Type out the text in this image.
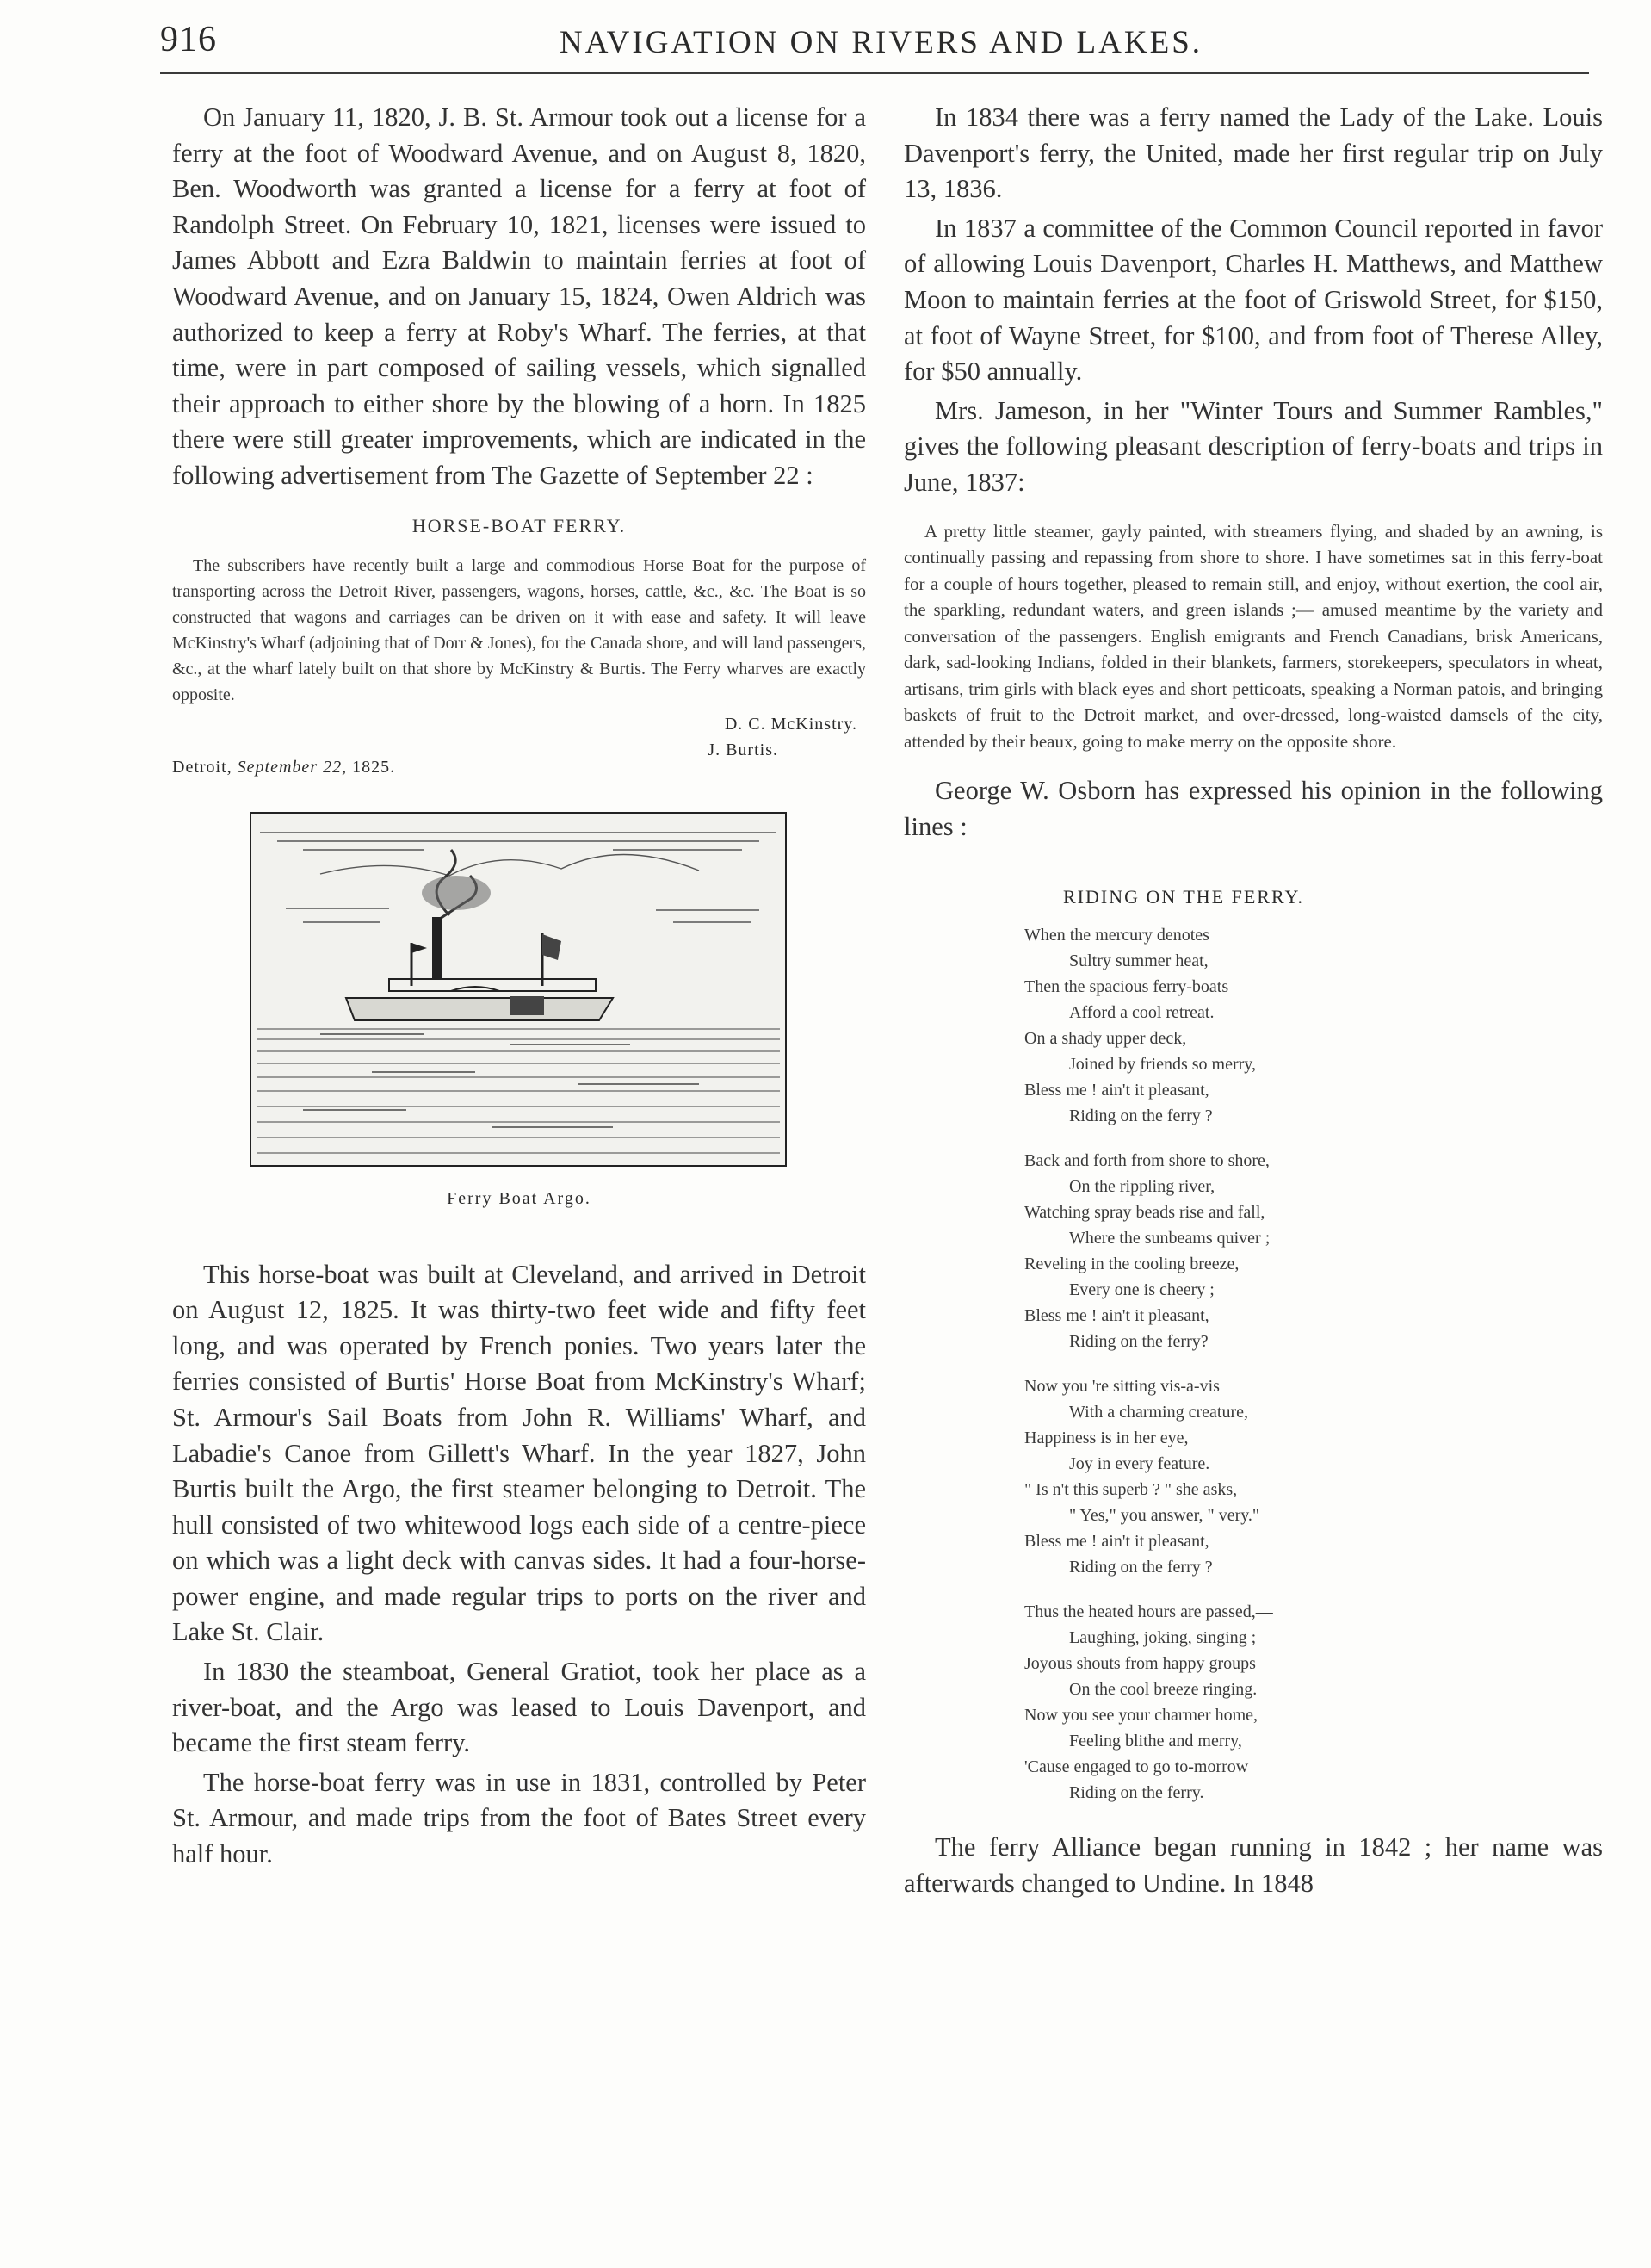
916	NAVIGATION ON RIVERS AND LAKES.

On January 11, 1820, J. B. St. Armour took out a license for a ferry at the foot of Woodward Avenue, and on August 8, 1820, Ben. Woodworth was granted a license for a ferry at foot of Randolph Street. On February 10, 1821, licenses were issued to James Abbott and Ezra Baldwin to maintain ferries at foot of Woodward Avenue, and on January 15, 1824, Owen Aldrich was authorized to keep a ferry at Roby's Wharf. The ferries, at that time, were in part composed of sailing vessels, which signalled their approach to either shore by the blowing of a horn. In 1825 there were still greater improvements, which are indicated in the following advertisement from The Gazette of September 22 :

HORSE-BOAT FERRY.

The subscribers have recently built a large and commodious Horse Boat for the purpose of transporting across the Detroit River, passengers, wagons, horses, cattle, &c., &c. The Boat is so constructed that wagons and carriages can be driven on it with ease and safety. It will leave McKinstry's Wharf (adjoining that of Dorr & Jones), for the Canada shore, and will land passengers, &c., at the wharf lately built on that shore by McKinstry & Burtis. The Ferry wharves are exactly opposite.

D. C. McKinstry.
J. Burtis.
Detroit, September 22, 1825.
Ferry Boat Argo.

This horse-boat was built at Cleveland, and arrived in Detroit on August 12, 1825. It was thirty-two feet wide and fifty feet long, and was operated by French ponies. Two years later the ferries consisted of Burtis' Horse Boat from McKinstry's Wharf; St. Armour's Sail Boats from John R. Williams' Wharf, and Labadie's Canoe from Gillett's Wharf. In the year 1827, John Burtis built the Argo, the first steamer belonging to Detroit. The hull consisted of two whitewood logs each side of a centre-piece on which was a light deck with canvas sides. It had a four-horse-power engine, and made regular trips to ports on the river and Lake St. Clair.

In 1830 the steamboat, General Gratiot, took her place as a river-boat, and the Argo was leased to Louis Davenport, and became the first steam ferry.

The horse-boat ferry was in use in 1831, controlled by Peter St. Armour, and made trips from the foot of Bates Street every half hour.

In 1834 there was a ferry named the Lady of the Lake. Louis Davenport's ferry, the United, made her first regular trip on July 13, 1836.

In 1837 a committee of the Common Council reported in favor of allowing Louis Davenport, Charles H. Matthews, and Matthew Moon to maintain ferries at the foot of Griswold Street, for $150, at foot of Wayne Street, for $100, and from foot of Therese Alley, for $50 annually.

Mrs. Jameson, in her "Winter Tours and Summer Rambles," gives the following pleasant description of ferry-boats and trips in June, 1837:

A pretty little steamer, gayly painted, with streamers flying, and shaded by an awning, is continually passing and repassing from shore to shore. I have sometimes sat in this ferry-boat for a couple of hours together, pleased to remain still, and enjoy, without exertion, the cool air, the sparkling, redundant waters, and green islands ;— amused meantime by the variety and conversation of the passengers. English emigrants and French Canadians, brisk Americans, dark, sad-looking Indians, folded in their blankets, farmers, storekeepers, speculators in wheat, artisans, trim girls with black eyes and short petticoats, speaking a Norman patois, and bringing baskets of fruit to the Detroit market, and over-dressed, long-waisted damsels of the city, attended by their beaux, going to make merry on the opposite shore.

George W. Osborn has expressed his opinion in the following lines :

RIDING ON THE FERRY.
When the mercury denotes
Sultry summer heat,
Then the spacious ferry-boats
Afford a cool retreat.
On a shady upper deck,
Joined by friends so merry,
Bless me ! ain't it pleasant,
Riding on the ferry ?
Back and forth from shore to shore,
On the rippling river,
Watching spray beads rise and fall,
Where the sunbeams quiver ;
Reveling in the cooling breeze,
Every one is cheery ;
Bless me ! ain't it pleasant,
Riding on the ferry?
Now you 're sitting vis-a-vis
With a charming creature,
Happiness is in her eye,
Joy in every feature.
" Is n't this superb ? " she asks,
" Yes," you answer, " very."
Bless me ! ain't it pleasant,
Riding on the ferry ?
Thus the heated hours are passed,—
Laughing, joking, singing ;
Joyous shouts from happy groups
On the cool breeze ringing.
Now you see your charmer home,
Feeling blithe and merry,
'Cause engaged to go to-morrow
Riding on the ferry.

The ferry Alliance began running in 1842 ; her name was afterwards changed to Undine. In 1848
